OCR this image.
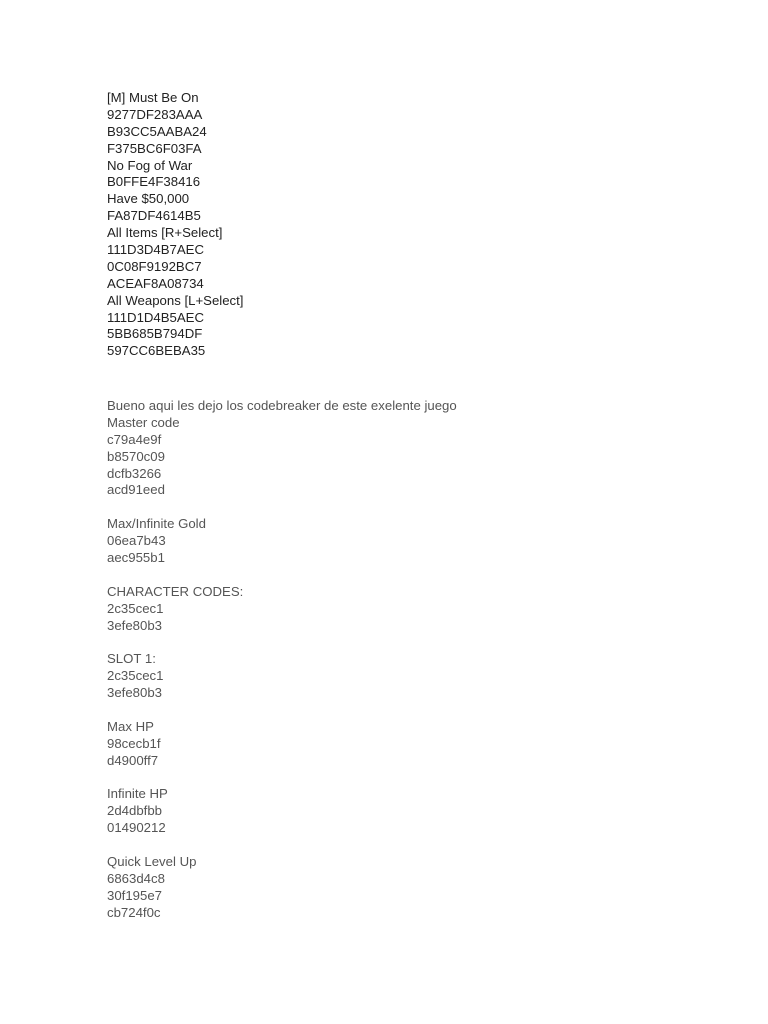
[M] Must Be On
9277DF283AAA
B93CC5AABA24
F375BC6F03FA
No Fog of War
B0FFE4F38416
Have $50,000
FA87DF4614B5
All Items [R+Select]
111D3D4B7AEC
0C08F9192BC7
ACEAF8A08734
All Weapons [L+Select]
111D1D4B5AEC
5BB685B794DF
597CC6BEBA35
Bueno aqui les dejo los codebreaker de este exelente juego
Master code
c79a4e9f
b8570c09
dcfb3266
acd91eed
Max/Infinite Gold
06ea7b43
aec955b1
CHARACTER CODES:
2c35cec1
3efe80b3
SLOT 1:
2c35cec1
3efe80b3
Max HP
98cecb1f
d4900ff7
Infinite HP
2d4dbfbb
01490212
Quick Level Up
6863d4c8
30f195e7
cb724f0c
